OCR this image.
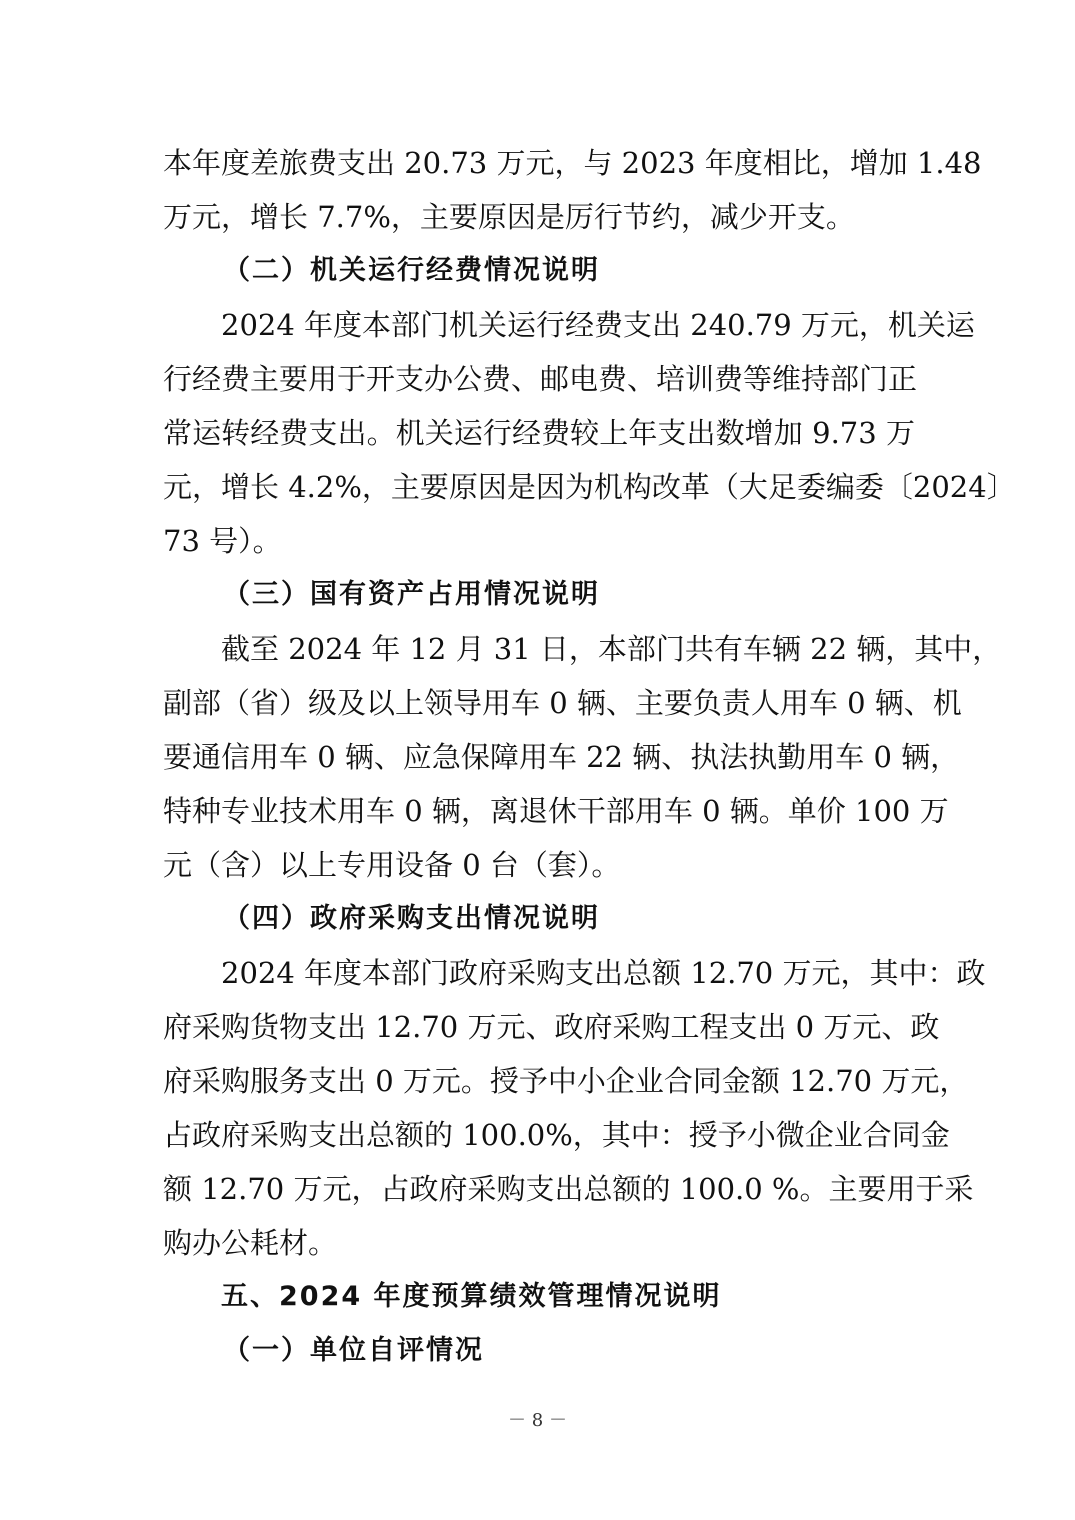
本年度差旅费支出 20.73 万元，与 2023 年度相比，增加 1.48
万元，增长 7.7%，主要原因是厉行节约，减少开支。
（二）机关运行经费情况说明
2024 年度本部门机关运行经费支出 240.79 万元，机关运
行经费主要用于开支办公费、邮电费、培训费等维持部门正
常运转经费支出。机关运行经费较上年支出数增加 9.73 万
元，增长 4.2%，主要原因是因为机构改革（大足委编委〔2024〕
73 号）。
（三）国有资产占用情况说明
截至 2024 年 12 月 31 日，本部门共有车辆 22 辆，其中，
副部（省）级及以上领导用车 0 辆、主要负责人用车 0 辆、机
要通信用车 0 辆、应急保障用车 22 辆、执法执勤用车 0 辆，
特种专业技术用车 0 辆，离退休干部用车 0 辆。单价 100 万
元（含）以上专用设备 0 台（套）。
（四）政府采购支出情况说明
2024 年度本部门政府采购支出总额 12.70 万元，其中：政
府采购货物支出 12.70 万元、政府采购工程支出 0 万元、政
府采购服务支出 0 万元。授予中小企业合同金额 12.70 万元，
占政府采购支出总额的 100.0%，其中：授予小微企业合同金
额 12.70 万元，占政府采购支出总额的 100.0 %。主要用于采
购办公耗材。
五、2024 年度预算绩效管理情况说明
（一）单位自评情况
－ 8 －
